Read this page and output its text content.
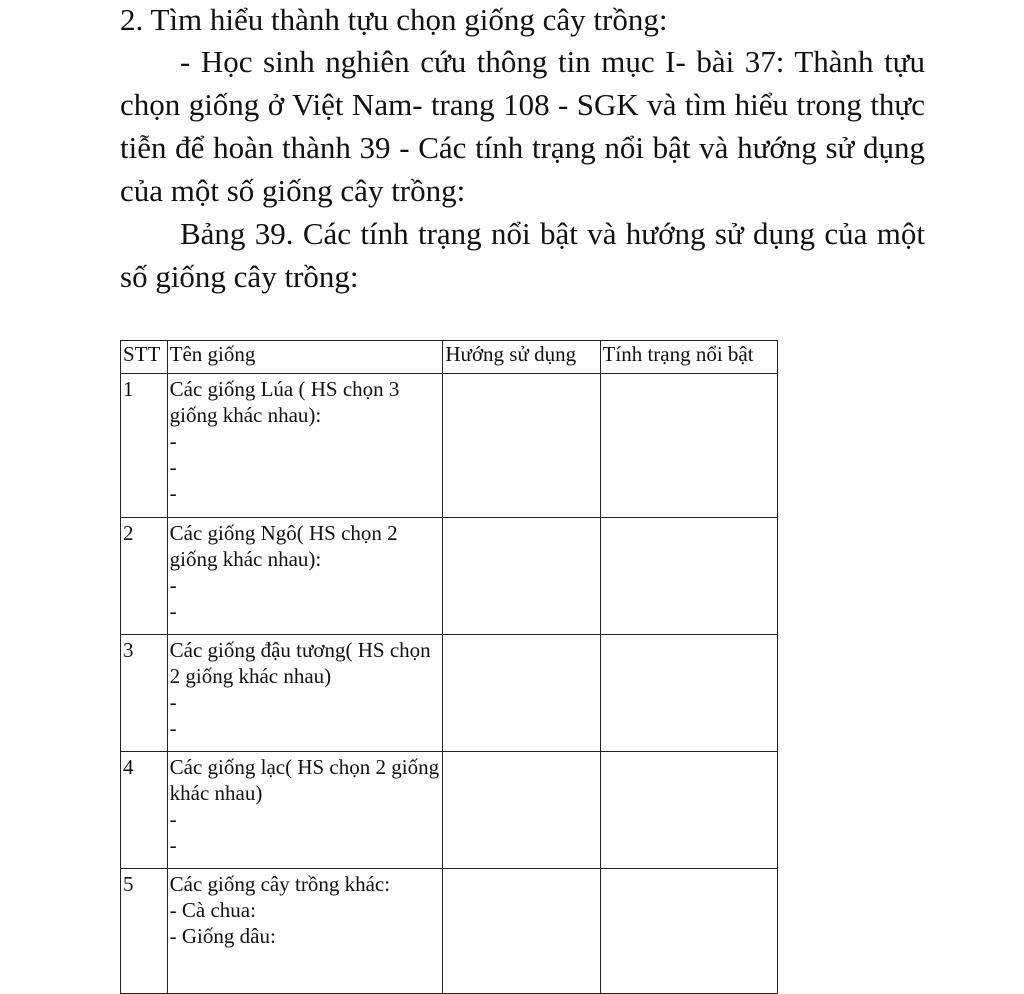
2. Tìm hiểu thành tựu chọn giống cây trồng:

- Học sinh nghiên cứu thông tin mục I- bài 37: Thành tựu chọn giống ở Việt Nam- trang 108 - SGK và tìm hiểu trong thực tiễn để hoàn thành 39 - Các tính trạng nổi bật và hướng sử dụng của một số giống cây trồng:

Bảng 39. Các tính trạng nổi bật và hướng sử dụng của một số giống cây trồng:

STT	Tên giống	Hướng sử dụng	Tính trạng nổi bật
1	Các giống Lúa ( HS chọn 3 giống khác nhau):
-
-
-		

2	Các giống Ngô( HS chọn 2 giống khác nhau):
-
-		

3	Các giống đậu tương( HS chọn 2 giống khác nhau)
-
-		

4	Các giống lạc( HS chọn 2 giống khác nhau)
-
-		

5	Các giống cây trồng khác:
- Cà chua:
- Giống dâu:		
